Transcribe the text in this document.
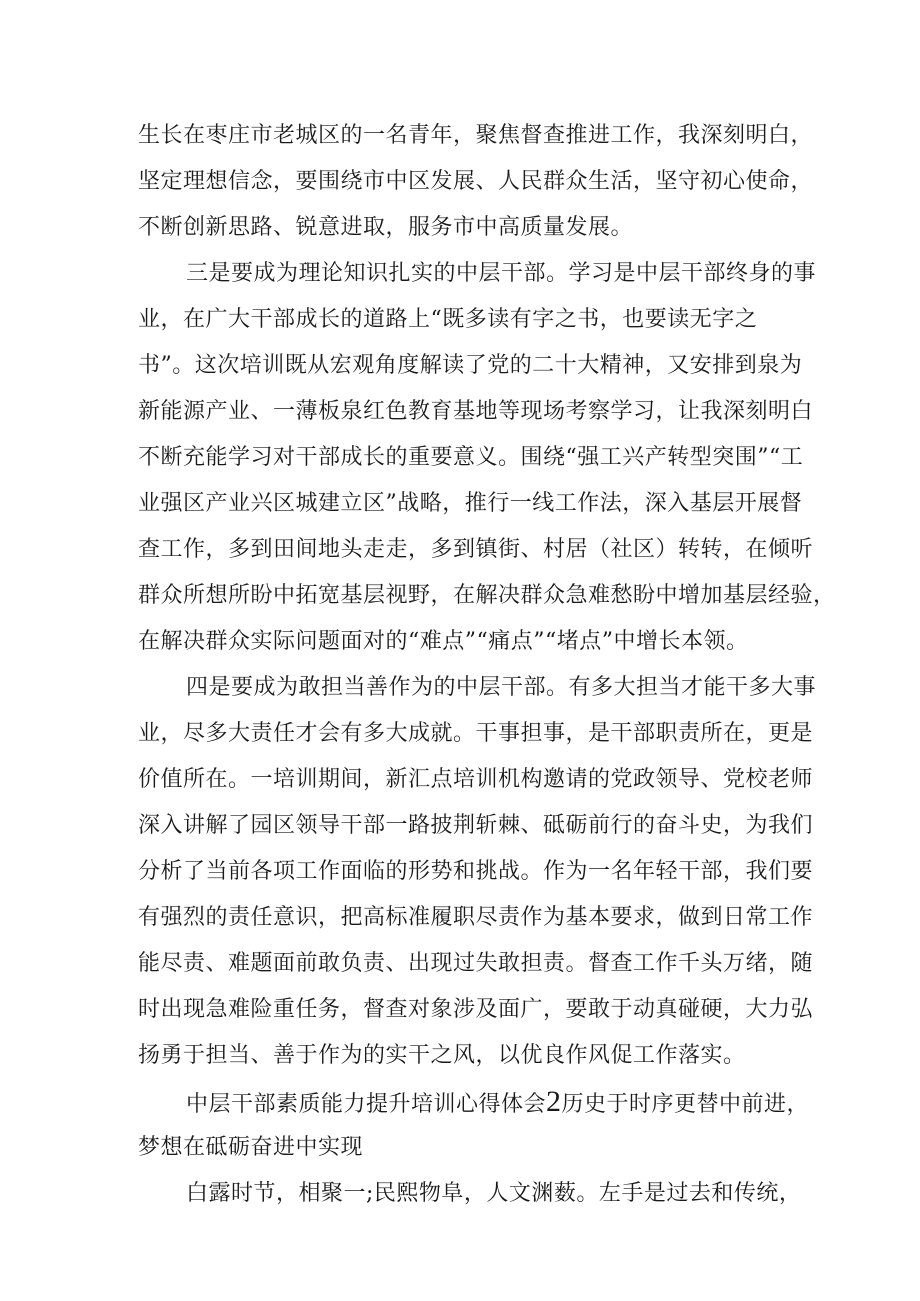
生长在枣庄市老城区的一名青年，聚焦督查推进工作，我深刻明白，
坚定理想信念，要围绕市中区发展、人民群众生活，坚守初心使命，
不断创新思路、锐意进取，服务市中高质量发展。
三是要成为理论知识扎实的中层干部。学习是中层干部终身的事
业，在广大干部成长的道路上“既多读有字之书，也要读无字之
书”。这次培训既从宏观角度解读了党的二十大精神，又安排到泉为
新能源产业、一薄板泉红色教育基地等现场考察学习，让我深刻明白
不断充能学习对干部成长的重要意义。围绕“强工兴产转型突围”“工
业强区产业兴区城建立区”战略，推行一线工作法，深入基层开展督
查工作，多到田间地头走走，多到镇街、村居（社区）转转，在倾听
群众所想所盼中拓宽基层视野，在解决群众急难愁盼中增加基层经验，
在解决群众实际问题面对的“难点”“痛点”“堵点”中增长本领。
四是要成为敢担当善作为的中层干部。有多大担当才能干多大事
业，尽多大责任才会有多大成就。干事担事，是干部职责所在，更是
价值所在。一培训期间，新汇点培训机构邀请的党政领导、党校老师
深入讲解了园区领导干部一路披荆斩棘、砥砺前行的奋斗史，为我们
分析了当前各项工作面临的形势和挑战。作为一名年轻干部，我们要
有强烈的责任意识，把高标准履职尽责作为基本要求，做到日常工作
能尽责、难题面前敢负责、出现过失敢担责。督查工作千头万绪，随
时出现急难险重任务，督查对象涉及面广，要敢于动真碰硬，大力弘
扬勇于担当、善于作为的实干之风，以优良作风促工作落实。
中层干部素质能力提升培训心得体会2历史于时序更替中前进，
梦想在砥砺奋进中实现
白露时节，相聚一;民熙物阜，人文渊薮。左手是过去和传统，
